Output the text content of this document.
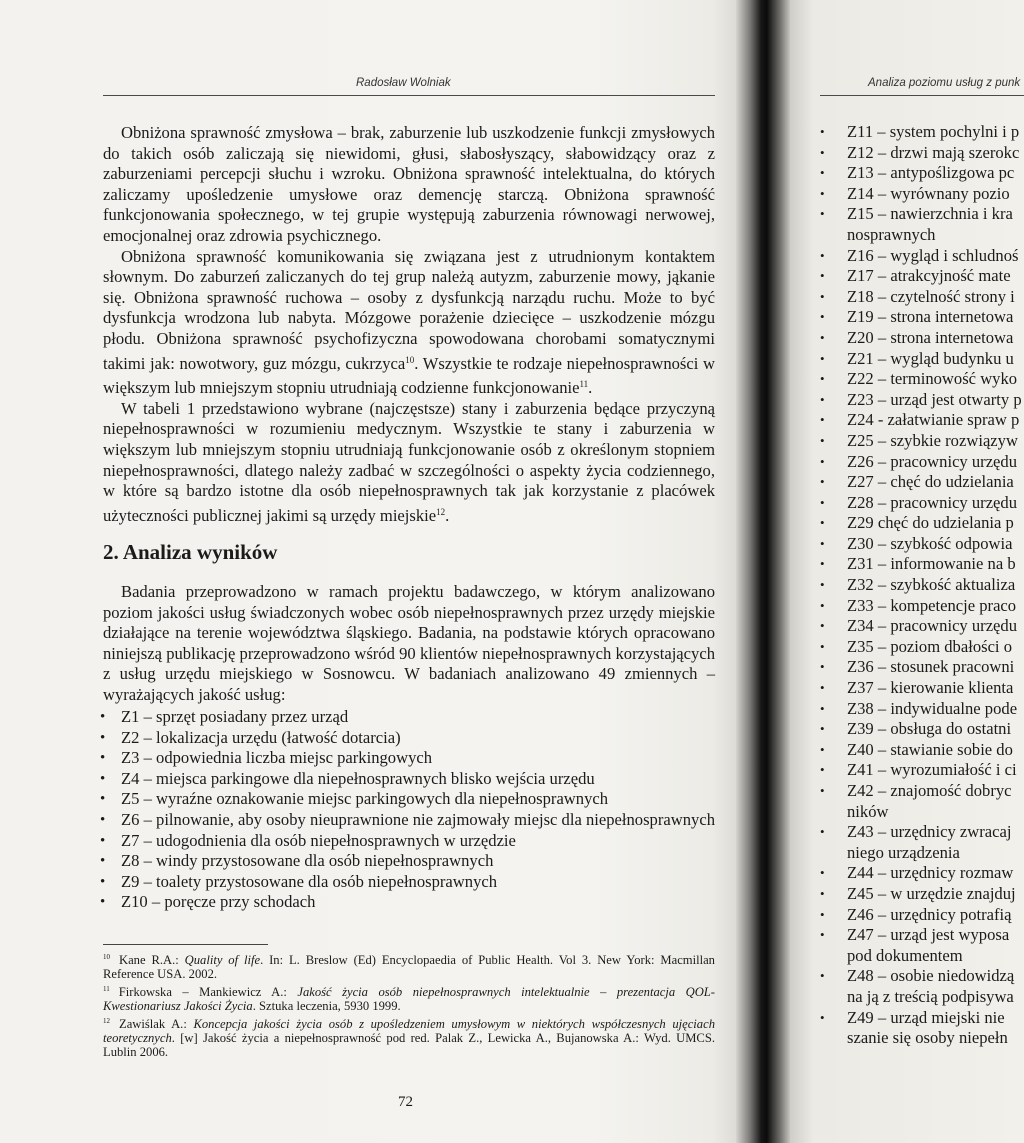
Radosław Wolniak

Obniżona sprawność zmysłowa – brak, zaburzenie lub uszkodzenie funkcji zmysłowych do takich osób zaliczają się niewidomi, głusi, słabosłyszący, słabowidzący oraz z zaburzeniami percepcji słuchu i wzroku. Obniżona sprawność intelektualna, do których zaliczamy upośledzenie umysłowe oraz demencję starczą. Obniżona sprawność funkcjonowania społecznego, w tej grupie występują zaburzenia równowagi nerwowej, emocjonalnej oraz zdrowia psychicznego.

Obniżona sprawność komunikowania się związana jest z utrudnionym kontaktem słownym. Do zaburzeń zaliczanych do tej grup należą autyzm, zaburzenie mowy, jąkanie się. Obniżona sprawność ruchowa – osoby z dysfunkcją narządu ruchu. Może to być dysfunkcja wrodzona lub nabyta. Mózgowe porażenie dziecięce – uszkodzenie mózgu płodu. Obniżona sprawność psychofizyczna spowodowana chorobami somatycznymi takimi jak: nowotwory, guz mózgu, cukrzyca$^{10}$. Wszystkie te rodzaje niepełnosprawności w większym lub mniejszym stopniu utrudniają codzienne funkcjonowanie$^{11}$.

W tabeli 1 przedstawiono wybrane (najczęstsze) stany i zaburzenia będące przyczyną niepełnosprawności w rozumieniu medycznym. Wszystkie te stany i zaburzenia w większym lub mniejszym stopniu utrudniają funkcjonowanie osób z określonym stopniem niepełnosprawności, dlatego należy zadbać w szczególności o aspekty życia codziennego, w które są bardzo istotne dla osób niepełnosprawnych tak jak korzystanie z placówek użyteczności publicznej jakimi są urzędy miejskie$^{12}$.

2. Analiza wyników

Badania przeprowadzono w ramach projektu badawczego, w którym analizowano poziom jakości usług świadczonych wobec osób niepełnosprawnych przez urzędy miejskie działające na terenie województwa śląskiego. Badania, na podstawie których opracowano niniejszą publikację przeprowadzono wśród 90 klientów niepełnosprawnych korzystających z usług urzędu miejskiego w Sosnowcu. W badaniach analizowano 49 zmiennych – wyrażających jakość usług:

• Z1 – sprzęt posiadany przez urząd
• Z2 – lokalizacja urzędu (łatwość dotarcia)
• Z3 – odpowiednia liczba miejsc parkingowych
• Z4 – miejsca parkingowe dla niepełnosprawnych blisko wejścia urzędu
• Z5 – wyraźne oznakowanie miejsc parkingowych dla niepełnosprawnych
• Z6 – pilnowanie, aby osoby nieuprawnione nie zajmowały miejsc dla niepełnosprawnych
• Z7 – udogodnienia dla osób niepełnosprawnych w urzędzie
• Z8 – windy przystosowane dla osób niepełnosprawnych
• Z9 – toalety przystosowane dla osób niepełnosprawnych
• Z10 – poręcze przy schodach

$^{10}$ Kane R.A.: Quality of life. In: L. Breslow (Ed) Encyclopaedia of Public Health. Vol 3. New York: Macmillan Reference USA. 2002.

$^{11}$ Firkowska – Mankiewicz A.: Jakość życia osób niepełnosprawnych intelektualnie – prezentacja QOL- Kwestionariusz Jakości Życia. Sztuka leczenia, 5930 1999.

$^{12}$ Zawiślak A.: Koncepcja jakości życia osób z upośledzeniem umysłowym w niektórych współczesnych ujęciach teoretycznych. [w] Jakość życia a niepełnosprawność pod red. Palak Z., Lewicka A., Bujanowska A.: Wyd. UMCS. Lublin 2006.

72
Analiza poziomu usług z punk
• Z11 – system pochylni i p
• Z12 – drzwi mają szerokc
• Z13 – antypoślizgowa pc
• Z14 – wyrównany pozio
• Z15 – nawierzchnia i kra
nosprawnych
• Z16 – wygląd i schludnoś
• Z17 – atrakcyjność mate
• Z18 – czytelność strony i
• Z19 – strona internetowa
• Z20 – strona internetowa
• Z21 – wygląd budynku u
• Z22 – terminowość wyko
• Z23 – urząd jest otwarty p
• Z24 - załatwianie spraw p
• Z25 – szybkie rozwiązyw
• Z26 – pracownicy urzędu
• Z27 – chęć do udzielania
• Z28 – pracownicy urzędu
• Z29 chęć do udzielania p
• Z30 – szybkość odpowia
• Z31 – informowanie na b
• Z32 – szybkość aktualiza
• Z33 – kompetencje praco
• Z34 – pracownicy urzędu
• Z35 – poziom dbałości o
• Z36 – stosunek pracowni
• Z37 – kierowanie klienta
• Z38 – indywidualne pode
• Z39 – obsługa do ostatni
• Z40 – stawianie sobie do
• Z41 – wyrozumiałość i ci
• Z42 – znajomość dobryc
ników
• Z43 – urzędnicy zwracaj
niego urządzenia
• Z44 – urzędnicy rozmaw
• Z45 – w urzędzie znajduj
• Z46 – urzędnicy potrafią
• Z47 – urząd jest wyposa
pod dokumentem
• Z48 – osobie niedowidzą
na ją z treścią podpisywa
• Z49 – urząd miejski nie
szanie się osoby niepełn
